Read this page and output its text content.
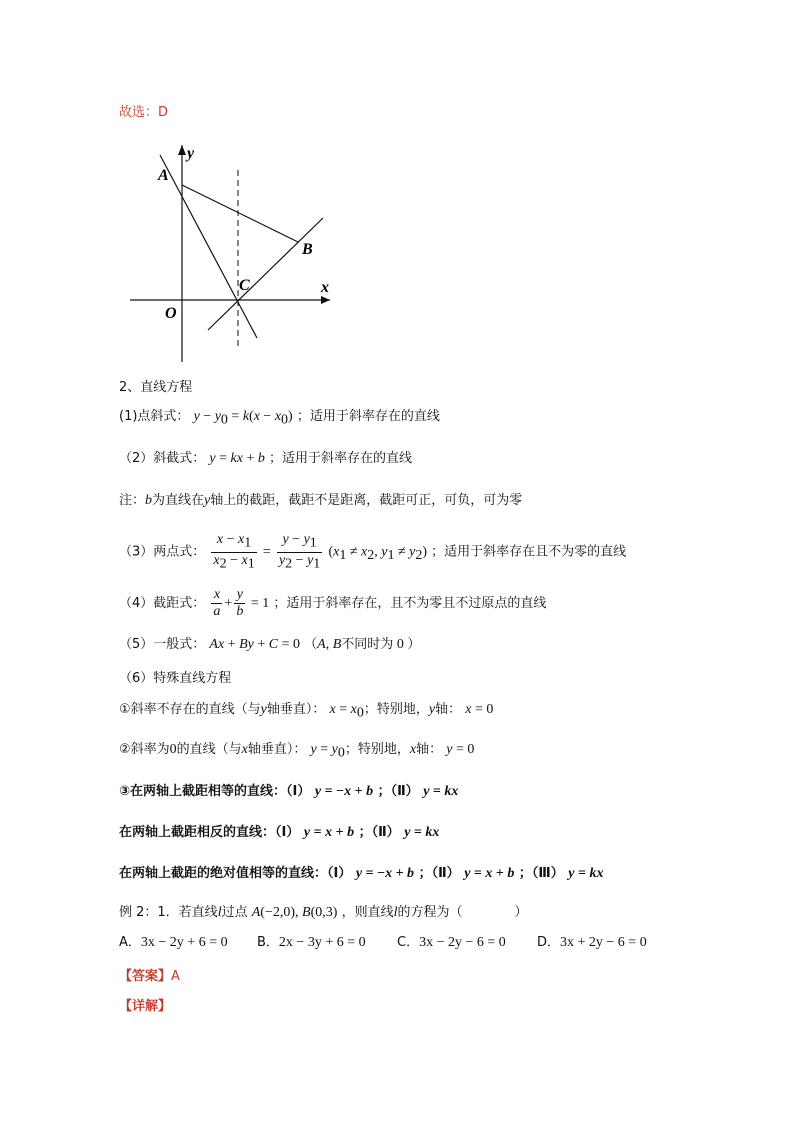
故选：D
y
A
B
C	x
O
2、直线方程
(1)点斜式： $y - y_0 = k(x - x_0)$ ；适用于斜率存在的直线
（2）斜截式： y = kx + b ；适用于斜率存在的直线
注：b为直线在y轴上的截距，截距不是距离，截距可正，可负，可为零
（3）两点式： $\frac{x - x_1}{x_2 - x_1} = \frac{y - y_1}{y_2 - y_1} (x_1 \ne x_2$, $y_1 \ne y_2$) ；适用于斜率存在且不为零的直线
（4）截距式： $\frac{x}{a} + \frac{y}{b} = 1$ ；适用于斜率存在，且不为零且不过原点的直线
（5）一般式： Ax + By + C = 0 （A, B不同时为 0 ）
（6）特殊直线方程
①斜率不存在的直线（与y轴垂直）： $x = x_0$；特别地，y轴： x = 0
②斜率为0的直线（与x轴垂直）： $y = y_0$；特别地，x轴： y = 0
③在两轴上截距相等的直线：（Ⅰ） y = −x + b ；（Ⅱ） y = kx
在两轴上截距相反的直线：（Ⅰ） y = x + b ；（Ⅱ） y = kx
在两轴上截距的绝对值相等的直线：（Ⅰ） y = −x + b ；（Ⅱ） y = x + b ；（Ⅲ） y = kx
例 2：1．若直线l过点 A(−2,0), B(0,3) ，则直线l的方程为（　　　　）
A．3x − 2y + 6 = 0 B．2x − 3y + 6 = 0 C．3x − 2y − 6 = 0 D．3x + 2y − 6 = 0
【答案】A
【详解】
